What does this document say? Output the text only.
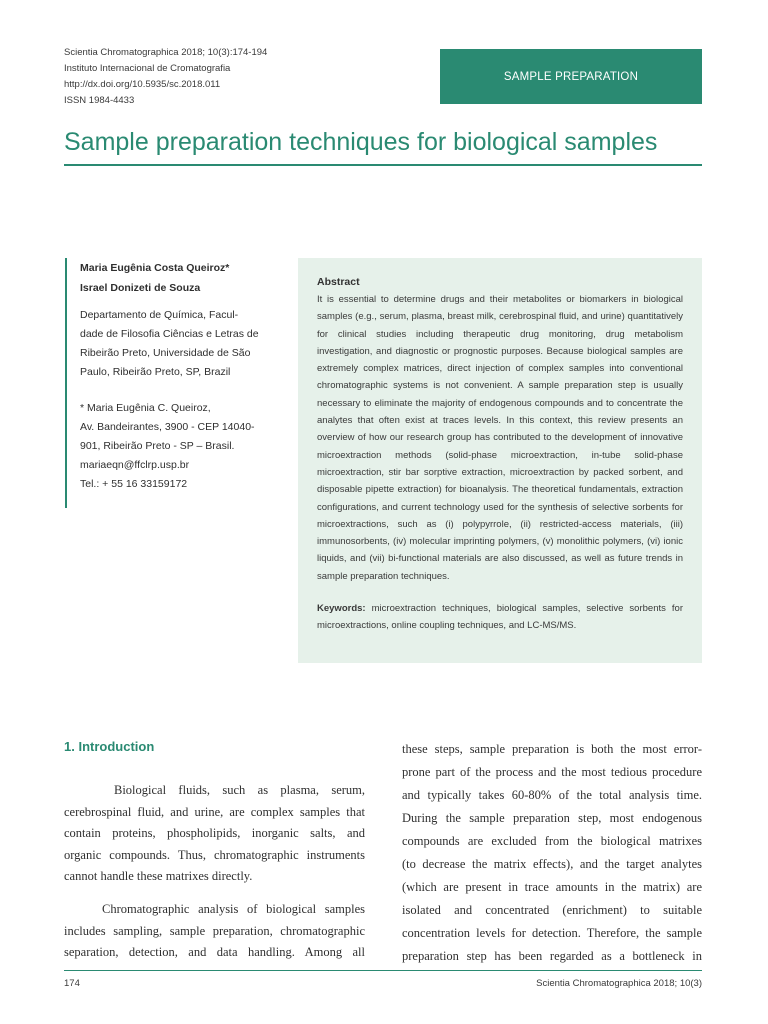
Scientia Chromatographica 2018; 10(3):174-194
Instituto Internacional de Cromatografia
http://dx.doi.org/10.5935/sc.2018.011
ISSN 1984-4433
SAMPLE PREPARATION
Sample preparation techniques for biological samples
Maria Eugênia Costa Queiroz*
Israel Donizeti de Souza
Departamento de Química, Facul-
dade de Filosofia Ciências e Letras de
Ribeirão Preto, Universidade de São
Paulo, Ribeirão Preto, SP, Brazil
* Maria Eugênia C. Queiroz,
Av. Bandeirantes, 3900 - CEP 14040-
901, Ribeirão Preto - SP – Brasil.
mariaeqn@ffclrp.usp.br
Tel.: + 55 16 33159172
Abstract

It is essential to determine drugs and their metabolites or biomarkers in biological samples (e.g., serum, plasma, breast milk, cerebrospinal fluid, and urine) quantitatively for clinical studies including therapeutic drug monitoring, drug metabolism investigation, and diagnostic or prognostic purposes. Because biological samples are extremely complex matrices, direct injection of complex samples into conventional chromatographic systems is not convenient. A sample preparation step is usually necessary to eliminate the majority of endogenous compounds and to concentrate the analytes that often exist at traces levels. In this context, this review presents an overview of how our research group has contributed to the development of innovative microextraction methods (solid-phase microextraction, in-tube solid-phase microextraction, stir bar sorptive extraction, microextraction by packed sorbent, and disposable pipette extraction) for bioanalysis. The theoretical fundamentals, extraction configurations, and current technology used for the synthesis of selective sorbents for microextractions, such as (i) polypyrrole, (ii) restricted-access materials, (iii) immunosorbents, (iv) molecular imprinting polymers, (v) monolithic polymers, (vi) ionic liquids, and (vii) bi-functional materials are also discussed, as well as future trends in sample preparation techniques.

Keywords: microextraction techniques, biological samples, selective sorbents for microextractions, online coupling techniques, and LC-MS/MS.
1. Introduction
Biological fluids, such as plasma, serum,
cerebrospinal fluid, and urine, are complex samples that
contain proteins, phospholipids, inorganic salts, and
organic compounds. Thus, chromatographic instruments
cannot handle these matrixes directly.
Chromatographic analysis of biological samples
includes sampling, sample preparation, chromatographic
separation, detection, and data handling. Among all
these steps, sample preparation is both the most error-
prone part of the process and the most tedious procedure
and typically takes 60-80% of the total analysis time.
During the sample preparation step, most endogenous
compounds are excluded from the biological matrixes
(to decrease the matrix effects), and the target analytes
(which are present in trace amounts in the matrix) are
isolated and concentrated (enrichment) to suitable
concentration levels for detection. Therefore, the sample
preparation step has been regarded as a bottleneck in
174	Scientia Chromatographica 2018; 10(3)
